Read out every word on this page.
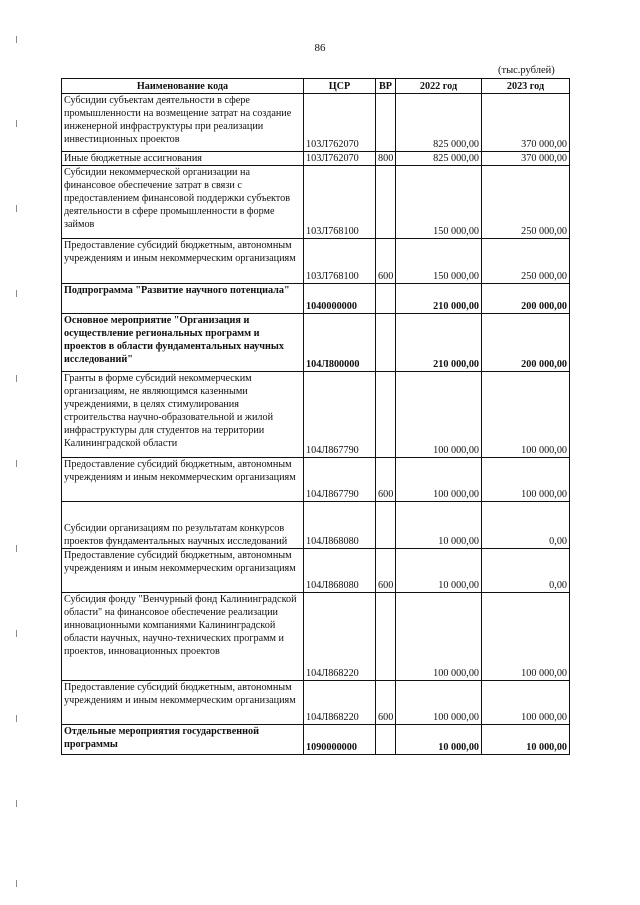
86
(тыс.рублей)
Наименование кода	ЦСР	ВР	2022 год	2023 год
Субсидии субъектам деятельности в сфере промышленности на возмещение затрат на создание инженерной инфраструктуры при реализации инвестиционных проектов	103Л762070		825 000,00	370 000,00
Иные бюджетные ассигнования	103Л762070	800	825 000,00	370 000,00
Субсидии некоммерческой организации на финансовое обеспечение затрат в связи с предоставлением финансовой поддержки субъектов деятельности в сфере промышленности в форме займов	103Л768100		150 000,00	250 000,00
Предоставление субсидий бюджетным, автономным учреждениям и иным некоммерческим организациям	103Л768100	600	150 000,00	250 000,00
Подпрограмма "Развитие научного потенциала"	1040000000		210 000,00	200 000,00
Основное мероприятие "Организация и осуществление региональных программ и проектов в области фундаментальных научных исследований"	104Л800000		210 000,00	200 000,00
Гранты в форме субсидий некоммерческим организациям, не являющимся казенными учреждениями, в целях стимулирования строительства научно-образовательной и жилой инфраструктуры для студентов на территории Калининградской области	104Л867790		100 000,00	100 000,00
Предоставление субсидий бюджетным, автономным учреждениям и иным некоммерческим организациям	104Л867790	600	100 000,00	100 000,00

Субсидии организациям по результатам конкурсов проектов фундаментальных научных исследований	104Л868080		10 000,00	0,00
Предоставление субсидий бюджетным, автономным учреждениям и иным некоммерческим организациям	104Л868080	600	10 000,00	0,00
Субсидия фонду "Венчурный фонд Калининградской области" на финансовое обеспечение реализации инновационными компаниями Калининградской области научных, научно-технических программ и проектов, инновационных проектов	104Л868220		100 000,00	100 000,00
Предоставление субсидий бюджетным, автономным учреждениям и иным некоммерческим организациям	104Л868220	600	100 000,00	100 000,00
Отдельные мероприятия государственной программы	1090000000		10 000,00	10 000,00
